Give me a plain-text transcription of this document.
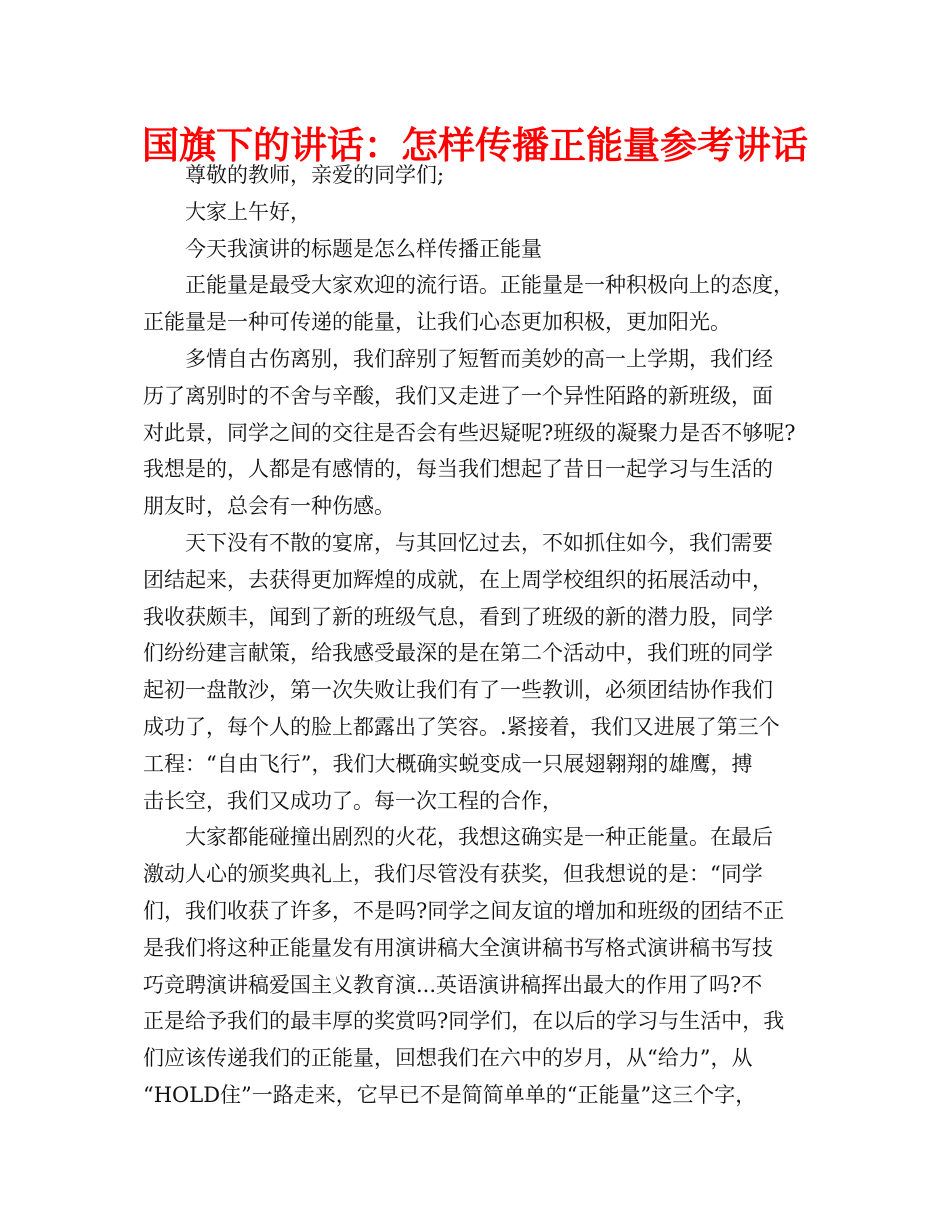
国旗下的讲话：怎样传播正能量参考讲话
尊敬的教师，亲爱的同学们;
大家上午好，
今天我演讲的标题是怎么样传播正能量
正能量是最受大家欢迎的流行语。正能量是一种积极向上的态度，
正能量是一种可传递的能量，让我们心态更加积极，更加阳光。
多情自古伤离别，我们辞别了短暂而美妙的高一上学期，我们经
历了离别时的不舍与辛酸，我们又走进了一个异性陌路的新班级，面
对此景，同学之间的交往是否会有些迟疑呢?班级的凝聚力是否不够呢?
我想是的，人都是有感情的，每当我们想起了昔日一起学习与生活的
朋友时，总会有一种伤感。
天下没有不散的宴席，与其回忆过去，不如抓住如今，我们需要
团结起来，去获得更加辉煌的成就，在上周学校组织的拓展活动中，
我收获颇丰，闻到了新的班级气息，看到了班级的新的潜力股，同学
们纷纷建言献策，给我感受最深的是在第二个活动中，我们班的同学
起初一盘散沙，第一次失败让我们有了一些教训，必须团结协作我们
成功了，每个人的脸上都露出了笑容。.紧接着，我们又进展了第三个
工程：“自由飞行”，我们大概确实蜕变成一只展翅翱翔的雄鹰，搏
击长空，我们又成功了。每一次工程的合作，
大家都能碰撞出剧烈的火花，我想这确实是一种正能量。在最后
激动人心的颁奖典礼上，我们尽管没有获奖，但我想说的是：“同学
们，我们收获了许多，不是吗?同学之间友谊的增加和班级的团结不正
是我们将这种正能量发有用演讲稿大全演讲稿书写格式演讲稿书写技
巧竞聘演讲稿爱国主义教育演...英语演讲稿挥出最大的作用了吗?不
正是给予我们的最丰厚的奖赏吗?同学们，在以后的学习与生活中，我
们应该传递我们的正能量，回想我们在六中的岁月，从“给力”，从
“HOLD住”一路走来，它早已不是简简单单的“正能量”这三个字，
